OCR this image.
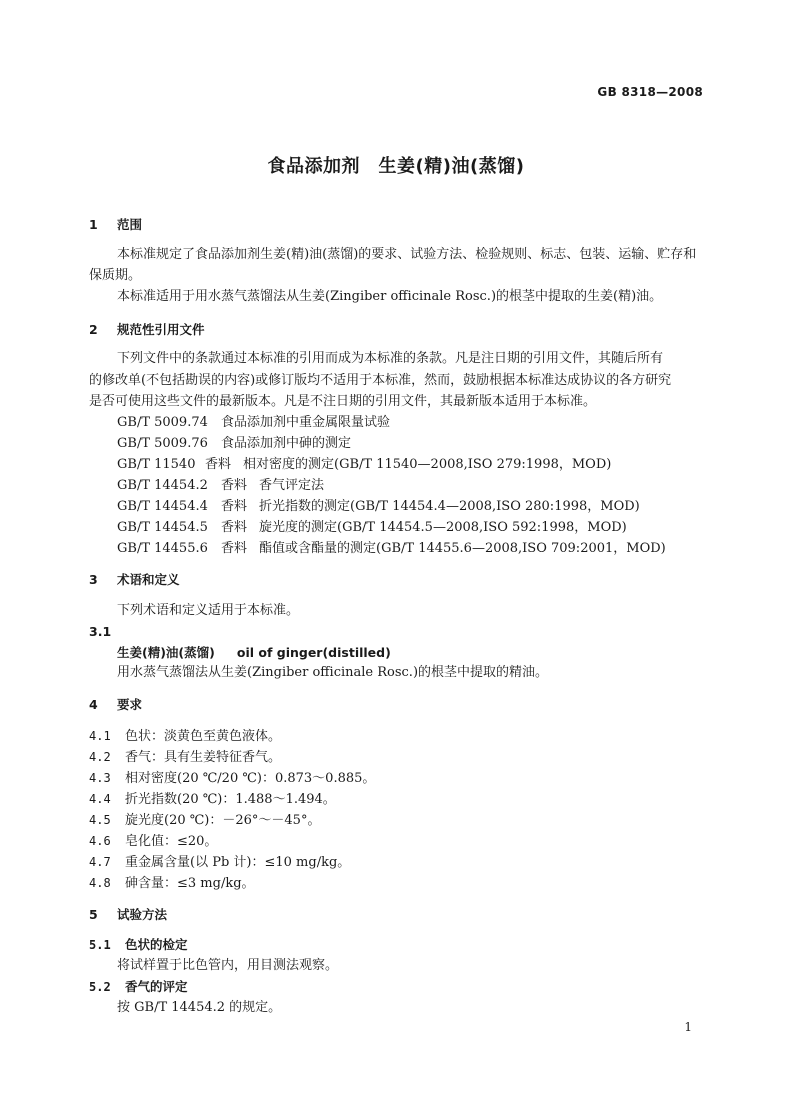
GB 8318—2008
食品添加剂　生姜(精)油(蒸馏)
1 范围
本标准规定了食品添加剂生姜(精)油(蒸馏)的要求、试验方法、检验规则、标志、包装、运输、贮存和
保质期。
本标准适用于用水蒸气蒸馏法从生姜(Zingiber officinale Rosc.)的根茎中提取的生姜(精)油。
2 规范性引用文件
下列文件中的条款通过本标准的引用而成为本标准的条款。凡是注日期的引用文件，其随后所有
的修改单(不包括勘误的内容)或修订版均不适用于本标准，然而，鼓励根据本标准达成协议的各方研究
是否可使用这些文件的最新版本。凡是不注日期的引用文件，其最新版本适用于本标准。
GB/T 5009.74 食品添加剂中重金属限量试验
GB/T 5009.76 食品添加剂中砷的测定
GB/T 11540 香料 相对密度的测定(GB/T 11540—2008,ISO 279:1998，MOD)
GB/T 14454.2 香料 香气评定法
GB/T 14454.4 香料 折光指数的测定(GB/T 14454.4—2008,ISO 280:1998，MOD)
GB/T 14454.5 香料 旋光度的测定(GB/T 14454.5—2008,ISO 592:1998，MOD)
GB/T 14455.6 香料 酯值或含酯量的测定(GB/T 14455.6—2008,ISO 709:2001，MOD)
3 术语和定义
下列术语和定义适用于本标准。
3.1
生姜(精)油(蒸馏) oil of ginger(distilled)
用水蒸气蒸馏法从生姜(Zingiber officinale Rosc.)的根茎中提取的精油。
4 要求
4.1 色状：淡黄色至黄色液体。
4.2 香气：具有生姜特征香气。
4.3 相对密度(20 ℃/20 ℃)：0.873～0.885。
4.4 折光指数(20 ℃)：1.488～1.494。
4.5 旋光度(20 ℃)：－26°～－45°。
4.6 皂化值：≤20。
4.7 重金属含量(以 Pb 计)：≤10 mg/kg。
4.8 砷含量：≤3 mg/kg。
5 试验方法
5.1 色状的检定
将试样置于比色管内，用目测法观察。
5.2 香气的评定
按 GB/T 14454.2 的规定。
1
